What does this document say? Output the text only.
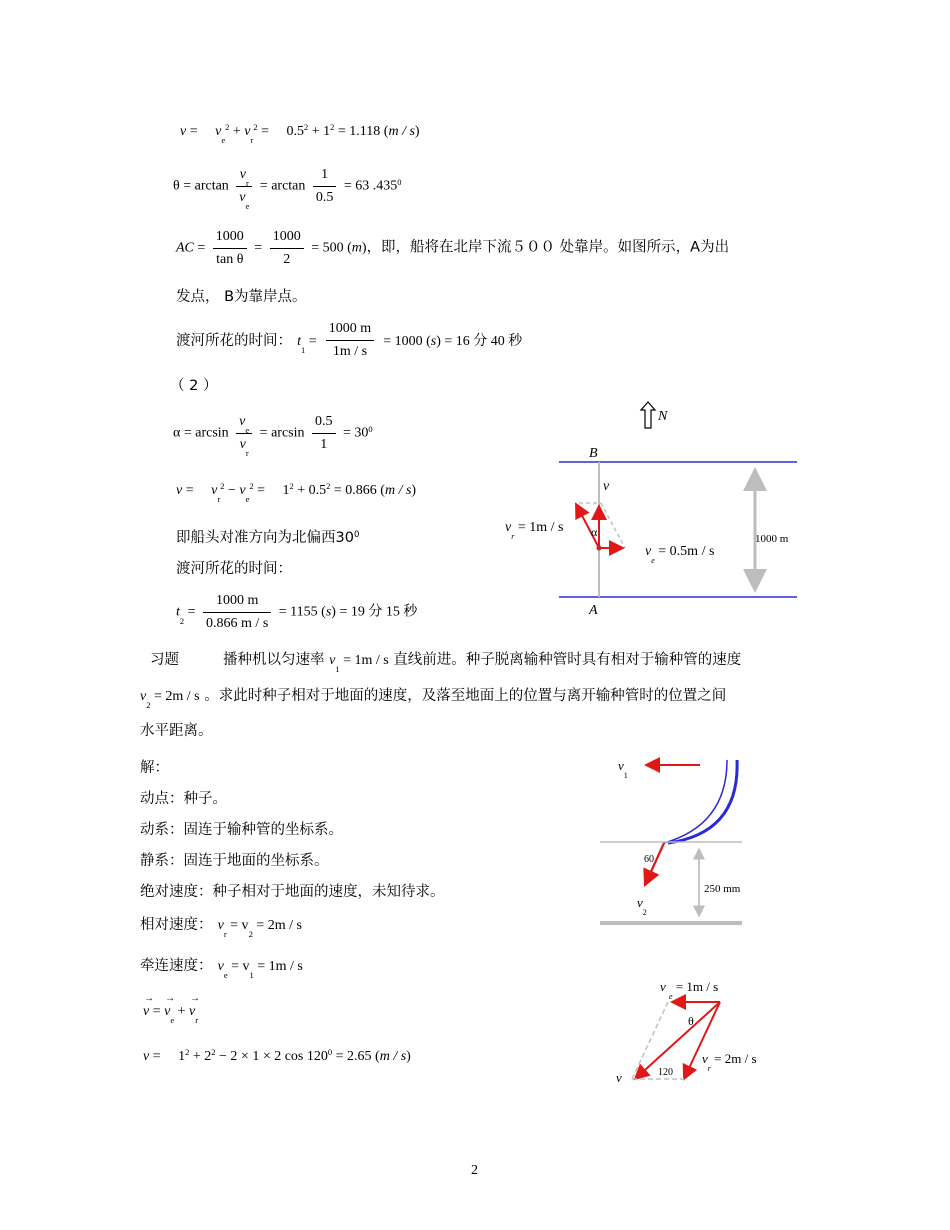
$v = v_e^2 + v_r^2 = 0.5^2 + 1^2 = 1.118$ (m / s)
$\theta = \arctan \frac{v_r}{v_e} = \arctan \frac{1}{0.5} = 63$ .435$^0$
AC = $\frac{1000}{\text{tan θ}} = \frac{1000}{2} = 500$ (m)，即，船将在北岸下流５００ 处靠岸。如图所示，A为出
发点， B为靠岸点。
渡河所花的时间： $t_1 = \frac{1000 m}{1m / s} = 1000$ (s) = 16 分 40 秒
（ 2 ）
$\alpha = \arcsin \frac{v_e}{v_r} = \arcsin \frac{0.5}{1} = 30^0$
$v = v_r^2 - v_e^2 = 1^2 + 0.5^2 = 0.866$ (m / s)
即船头对准方向为北偏西$30^0$
渡河所花的时间：
$t_2 = \frac{1000 m}{0.866 m / s} = 1155$ (s) = 19 分 15 秒
习题	播种机以匀速率 $v_1 = 1m / s$ 直线前进。种子脱离输种管时具有相对于输种管的速度
$v_2 = 2m / s$ 。求此时种子相对于地面的速度，及落至地面上的位置与离开输种管时的位置之间
水平距离。
解：
动点：种子。
动系：固连于输种管的坐标系。
静系：固连于地面的坐标系。
绝对速度：种子相对于地面的速度，未知待求。
相对速度： $v_r = v_2 = 2m / s$
牵连速度： $v_e = v_1 = 1m / s$
v
→
= v
→
$_e$ + v
→
$_r$
$v = 1^2 + 2^2 - 2 \times 1 \times 2$ $\cos 120^0 = 2.65$ (m / s)
N
B
1000 m
v
$v_r = 1m / s$ α
$v_e = 0.5m / s$
A
$v_1$
60
$v_2$
250 mm
v $_e$ = 1m / s
θ
120
$v_r = 2m / s$
v
2
